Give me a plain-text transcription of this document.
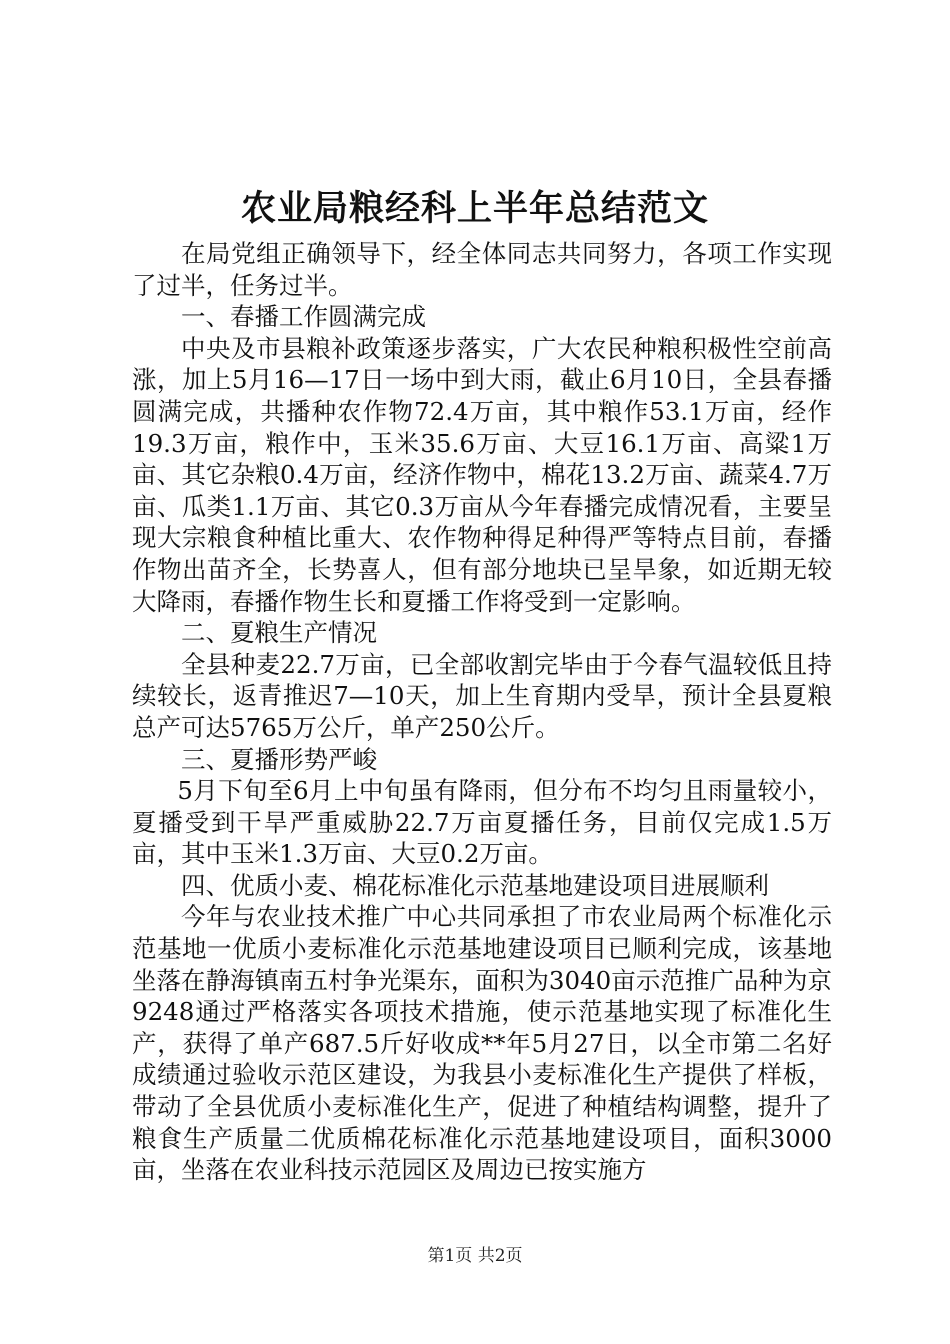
农业局粮经科上半年总结范文

在局党组正确领导下，经全体同志共同努力，各项工作实现了过半，任务过半。

一、春播工作圆满完成

中央及市县粮补政策逐步落实，广大农民种粮积极性空前高涨，加上5月16—17日一场中到大雨，截止6月10日，全县春播圆满完成，共播种农作物72.4万亩，其中粮作53.1万亩，经作19.3万亩，粮作中，玉米35.6万亩、大豆16.1万亩、高粱1万亩、其它杂粮0.4万亩，经济作物中，棉花13.2万亩、蔬菜4.7万亩、瓜类1.1万亩、其它0.3万亩从今年春播完成情况看，主要呈现大宗粮食种植比重大、农作物种得足种得严等特点目前，春播作物出苗齐全，长势喜人，但有部分地块已呈旱象，如近期无较大降雨，春播作物生长和夏播工作将受到一定影响。

二、夏粮生产情况

全县种麦22.7万亩，已全部收割完毕由于今春气温较低且持续较长，返青推迟7—10天，加上生育期内受旱，预计全县夏粮总产可达5765万公斤，单产250公斤。

三、夏播形势严峻

5月下旬至6月上中旬虽有降雨，但分布不均匀且雨量较小，夏播受到干旱严重威胁22.7万亩夏播任务，目前仅完成1.5万亩，其中玉米1.3万亩、大豆0.2万亩。

四、优质小麦、棉花标准化示范基地建设项目进展顺利

今年与农业技术推广中心共同承担了市农业局两个标准化示范基地一优质小麦标准化示范基地建设项目已顺利完成，该基地坐落在静海镇南五村争光渠东，面积为3040亩示范推广品种为京9248通过严格落实各项技术措施，使示范基地实现了标准化生产，获得了单产687.5斤好收成**年5月27日，以全市第二名好成绩通过验收示范区建设，为我县小麦标准化生产提供了样板，带动了全县优质小麦标准化生产，促进了种植结构调整，提升了粮食生产质量二优质棉花标准化示范基地建设项目，面积3000亩，坐落在农业科技示范园区及周边已按实施方

第1页 共2页
